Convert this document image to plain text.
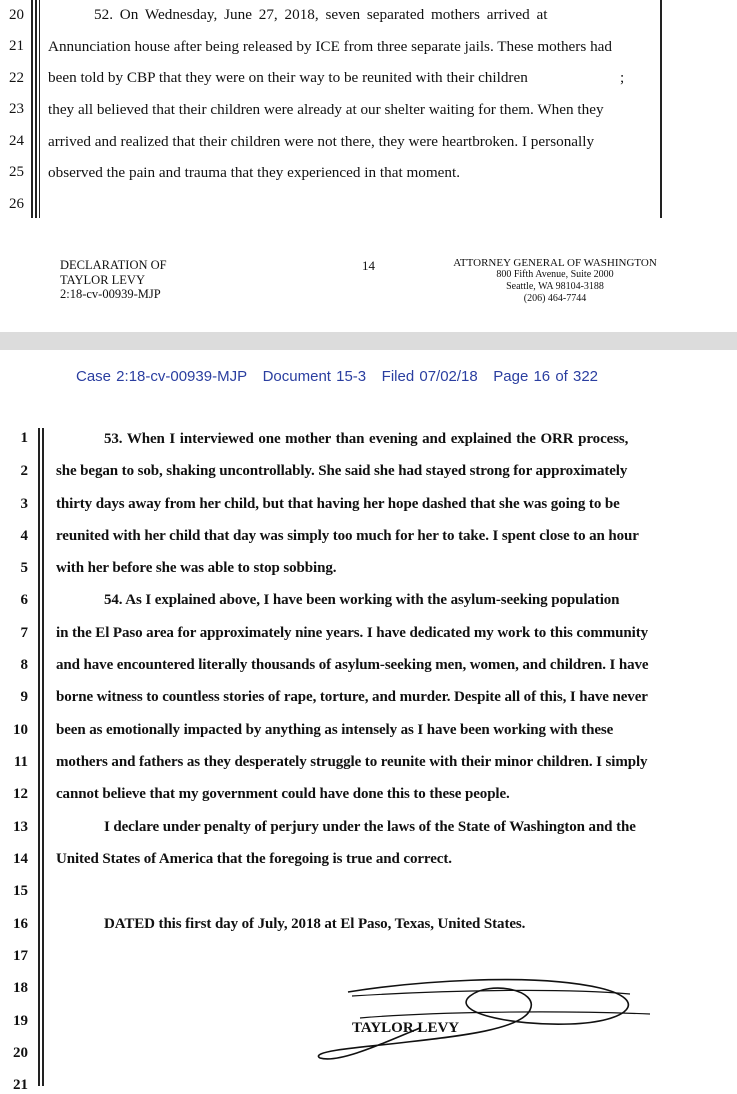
20
21
22
23
24
25
26
52. On Wednesday, June 27, 2018, seven separated mothers arrived at
Annunciation house after being released by ICE from three separate jails. These mothers had
been told by CBP that they were on their way to be reunited with their children	;
they all believed that their children were already at our shelter waiting for them. When they
arrived and realized that their children were not there, they were heartbroken. I personally
observed the pain and trauma that they experienced in that moment.
DECLARATION OF
TAYLOR LEVY
2:18-cv-00939-MJP
14	ATTORNEY GENERAL OF WASHINGTON
800 Fifth Avenue, Suite 2000
Seattle, WA 98104-3188
(206) 464-7744
Case 2:18-cv-00939-MJP Document 15-3 Filed 07/02/18 Page 16 of 322
1
2
3
4
5
6
7
8
9
10
11
12
13
14
15
16
17
18
19
20
21
53. When I interviewed one mother than evening and explained the ORR process,
she began to sob, shaking uncontrollably. She said she had stayed strong for approximately
thirty days away from her child, but that having her hope dashed that she was going to be
reunited with her child that day was simply too much for her to take. I spent close to an hour
with her before she was able to stop sobbing.
54. As I explained above, I have been working with the asylum-seeking population
in the El Paso area for approximately nine years. I have dedicated my work to this community
and have encountered literally thousands of asylum-seeking men, women, and children. I have
borne witness to countless stories of rape, torture, and murder. Despite all of this, I have never
been as emotionally impacted by anything as intensely as I have been working with these
mothers and fathers as they desperately struggle to reunite with their minor children. I simply
cannot believe that my government could have done this to these people.
I declare under penalty of perjury under the laws of the State of Washington and the
United States of America that the foregoing is true and correct.
DATED this first day of July, 2018 at El Paso, Texas, United States.
TAYLOR LEVY
